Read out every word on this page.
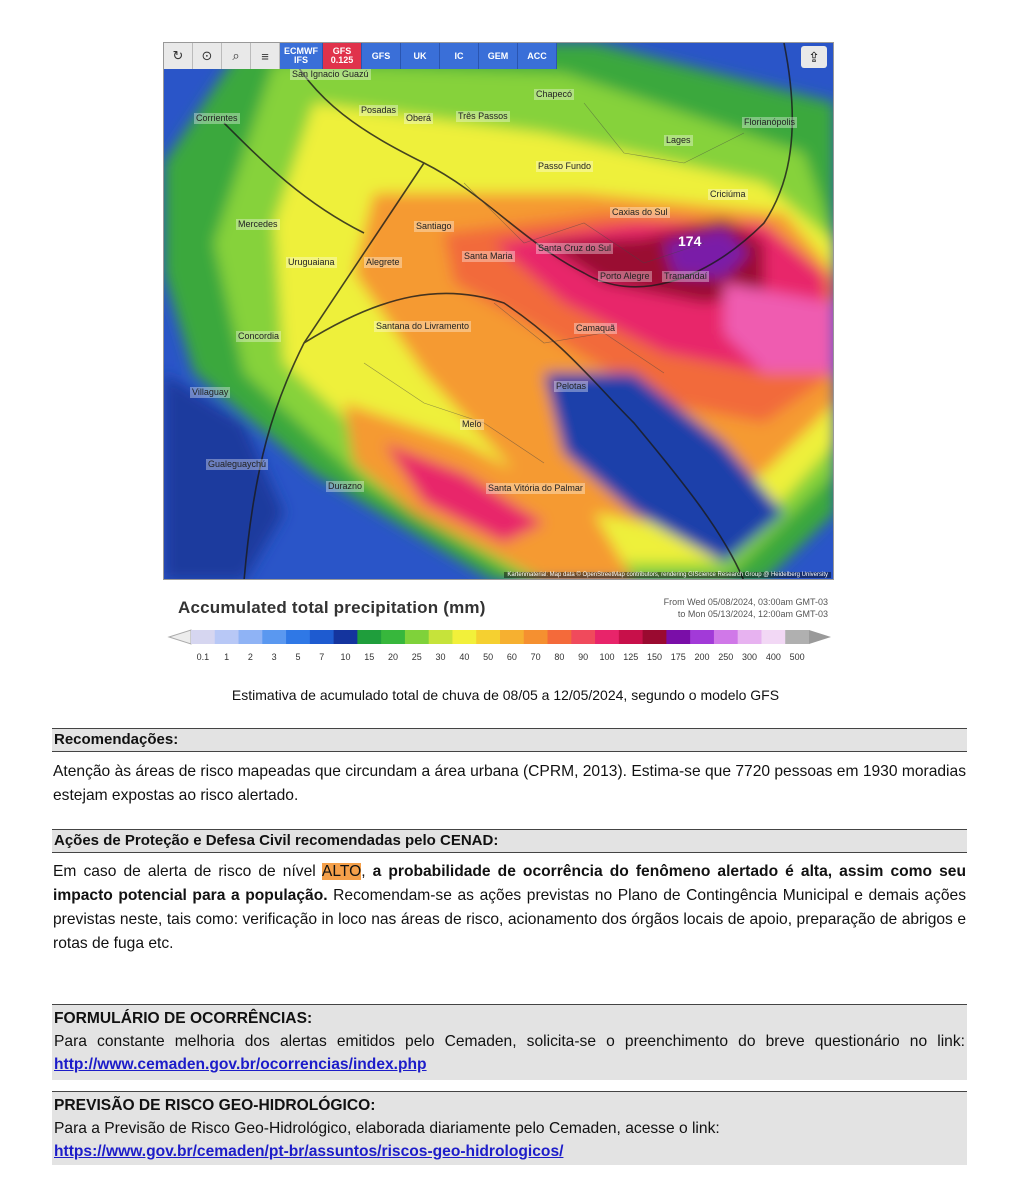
↻	⊙	⌕	≡	ECMWF
IFS
GFS
0.125 GFS	UK	IC	GEM ACC	⇪
174
San Ignacio Guazú
Corrientes
Posadas
Oberá	Três Passos
Chapecó
Lages
Florianópolis
Passo Fundo
Criciúma
Caxias do Sul
Santa Maria
Santa Cruz do Sul
Porto Alegre Tramandaí
Camaquã
Pelotas
Santiago
Alegrete
Uruguaiana
Mercedes
Santana do Livramento
Concordia
Villaguay
Melo
Gualeguaychú
Durazno	Santa Vitória do Palmar
Kartenmaterial: Map data © OpenStreetMap contributors, rendering GIScience Research Group @ Heidelberg University
Accumulated total precipitation (mm)	From Wed 05/08/2024, 03:00am GMT-03
to Mon 05/13/2024, 12:00am GMT-03
0.1 1 2 3 5 7 10 15 20 25 30 40 50 60 70 80 90 100 125 150 175 200 250 300 400 500
Estimativa de acumulado total de chuva de 08/05 a 12/05/2024, segundo o modelo GFS
Recomendações:
Atenção às áreas de risco mapeadas que circundam a área urbana (CPRM, 2013). Estima-se que 7720 pessoas em 1930 moradias estejam expostas ao risco alertado.
Ações de Proteção e Defesa Civil recomendadas pelo CENAD:
Em caso de alerta de risco de nível ALTO, a probabilidade de ocorrência do fenômeno alertado é alta, assim como seu impacto potencial para a população. Recomendam-se as ações previstas no Plano de Contingência Municipal e demais ações previstas neste, tais como: verificação in loco nas áreas de risco, acionamento dos órgãos locais de apoio, preparação de abrigos e rotas de fuga etc.
FORMULÁRIO DE OCORRÊNCIAS:
Para constante melhoria dos alertas emitidos pelo Cemaden, solicita-se o preenchimento do breve questionário no link: http://www.cemaden.gov.br/ocorrencias/index.php
PREVISÃO DE RISCO GEO-HIDROLÓGICO:
Para a Previsão de Risco Geo-Hidrológico, elaborada diariamente pelo Cemaden, acesse o link:
https://www.gov.br/cemaden/pt-br/assuntos/riscos-geo-hidrologicos/
